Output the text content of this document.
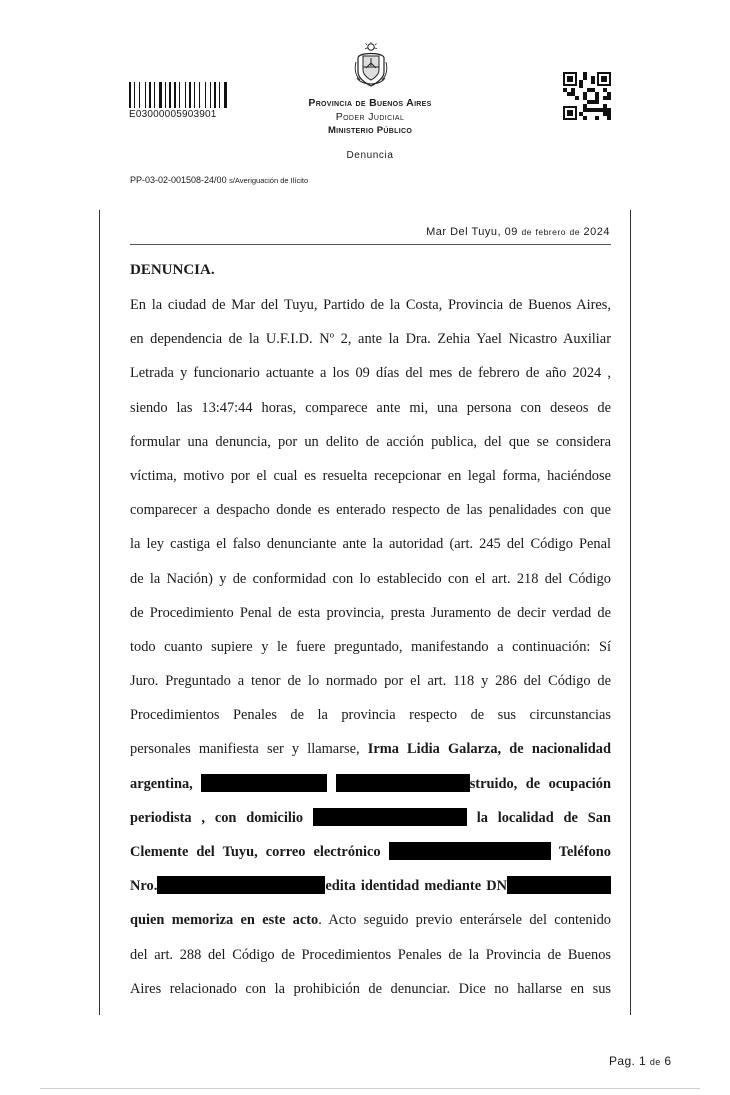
E03000005903901
Provincia de Buenos Aires
Poder Judicial
Ministerio Público
Denuncia
PP-03-02-001508-24/00 s/Averiguación de Ilícito
Mar Del Tuyu, 09 de febrero de 2024
DENUNCIA.
En la ciudad de Mar del Tuyu, Partido de la Costa, Provincia de Buenos Aires,
en dependencia de la U.F.I.D. Nº 2, ante la Dra. Zehia Yael Nicastro Auxiliar
Letrada y funcionario actuante a los 09 días del mes de febrero de año 2024 ,
siendo las 13:47:44 horas, comparece ante mi, una persona con deseos de
formular una denuncia, por un delito de acción publica, del que se considera
víctima, motivo por el cual es resuelta recepcionar en legal forma, haciéndose
comparecer a despacho donde es enterado respecto de las penalidades con que
la ley castiga el falso denunciante ante la autoridad (art. 245 del Código Penal
de la Nación) y de conformidad con lo establecido con el art. 218 del Código
de Procedimiento Penal de esta provincia, presta Juramento de decir verdad de
todo cuanto supiere y le fuere preguntado, manifestando a continuación: Sí
Juro. Preguntado a tenor de lo normado por el art. 118 y 286 del Código de
Procedimientos Penales de la provincia respecto de sus circunstancias
personales manifiesta ser y llamarse, Irma Lidia Galarza, de nacionalidad
argentina,	struido, de ocupación
periodista , con domicilio	la localidad de San
Clemente del Tuyu, correo electrónico	Teléfono
Nro.	edita identidad mediante DN
quien memoriza en este acto. Acto seguido previo enterársele del contenido
del art. 288 del Código de Procedimientos Penales de la Provincia de Buenos
Aires relacionado con la prohibición de denunciar. Dice no hallarse en sus
Pag. 1 de 6
